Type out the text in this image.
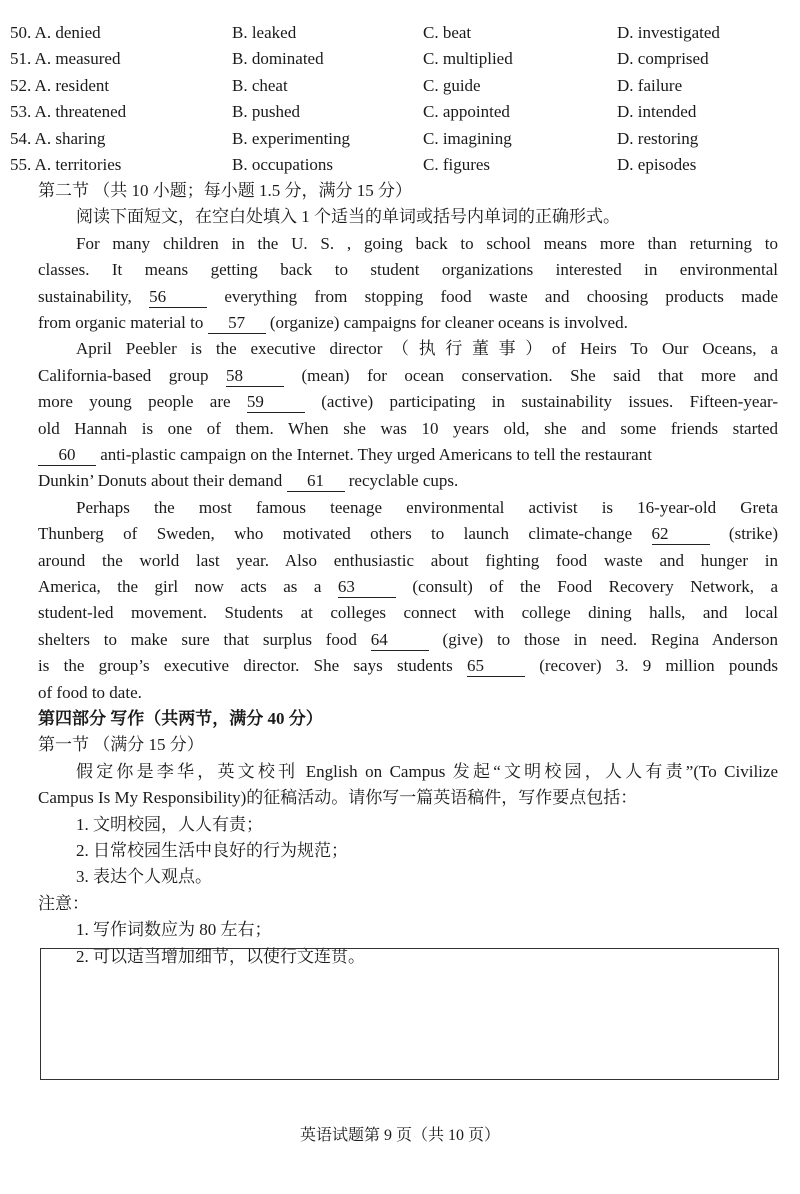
50. A. denied	B. leaked	C. beat	D. investigated
51. A. measured	B. dominated	C. multiplied	D. comprised
52. A. resident	B. cheat	C. guide	D. failure
53. A. threatened	B. pushed	C. appointed	D. intended
54. A. sharing	B. experimenting	C. imagining	D. restoring
55. A. territories	B. occupations	C. figures	D. episodes
第二节 （共 10 小题；每小题 1.5 分，满分 15 分）
阅读下面短文，在空白处填入 1 个适当的单词或括号内单词的正确形式。
For many children in the U. S. , going back to school means more than returning to
classes. It means getting back to student organizations interested in environmental
sustainability, 56 everything from stopping food waste and choosing products made
from organic material to 57 (organize) campaigns for cleaner oceans is involved.
April Peebler is the executive director（执行董事）of Heirs To Our Oceans, a
California-based group 58 (mean) for ocean conservation. She said that more and
more young people are 59 (active) participating in sustainability issues. Fifteen-year-
old Hannah is one of them. When she was 10 years old, she and some friends started
60 anti-plastic campaign on the Internet. They urged Americans to tell the restaurant
Dunkin’ Donuts about their demand 61 recyclable cups.
Perhaps the most famous teenage environmental activist is 16-year-old Greta
Thunberg of Sweden, who motivated others to launch climate-change 62 (strike)
around the world last year. Also enthusiastic about fighting food waste and hunger in
America, the girl now acts as a 63 (consult) of the Food Recovery Network, a
student-led movement. Students at colleges connect with college dining halls, and local
shelters to make sure that surplus food 64 (give) to those in need. Regina Anderson
is the group’s executive director. She says students 65 (recover) 3. 9 million pounds
of food to date.
第四部分 写作（共两节，满分 40 分）
第一节 （满分 15 分）
假定你是李华，英文校刊 English on Campus 发起“文明校园，人人有责”(To Civilize
Campus Is My Responsibility)的征稿活动。请你写一篇英语稿件，写作要点包括：
1. 文明校园，人人有责；
2. 日常校园生活中良好的行为规范；
3. 表达个人观点。
注意：
1. 写作词数应为 80 左右；
2. 可以适当增加细节，以使行文连贯。
英语试题第 9 页（共 10 页）
